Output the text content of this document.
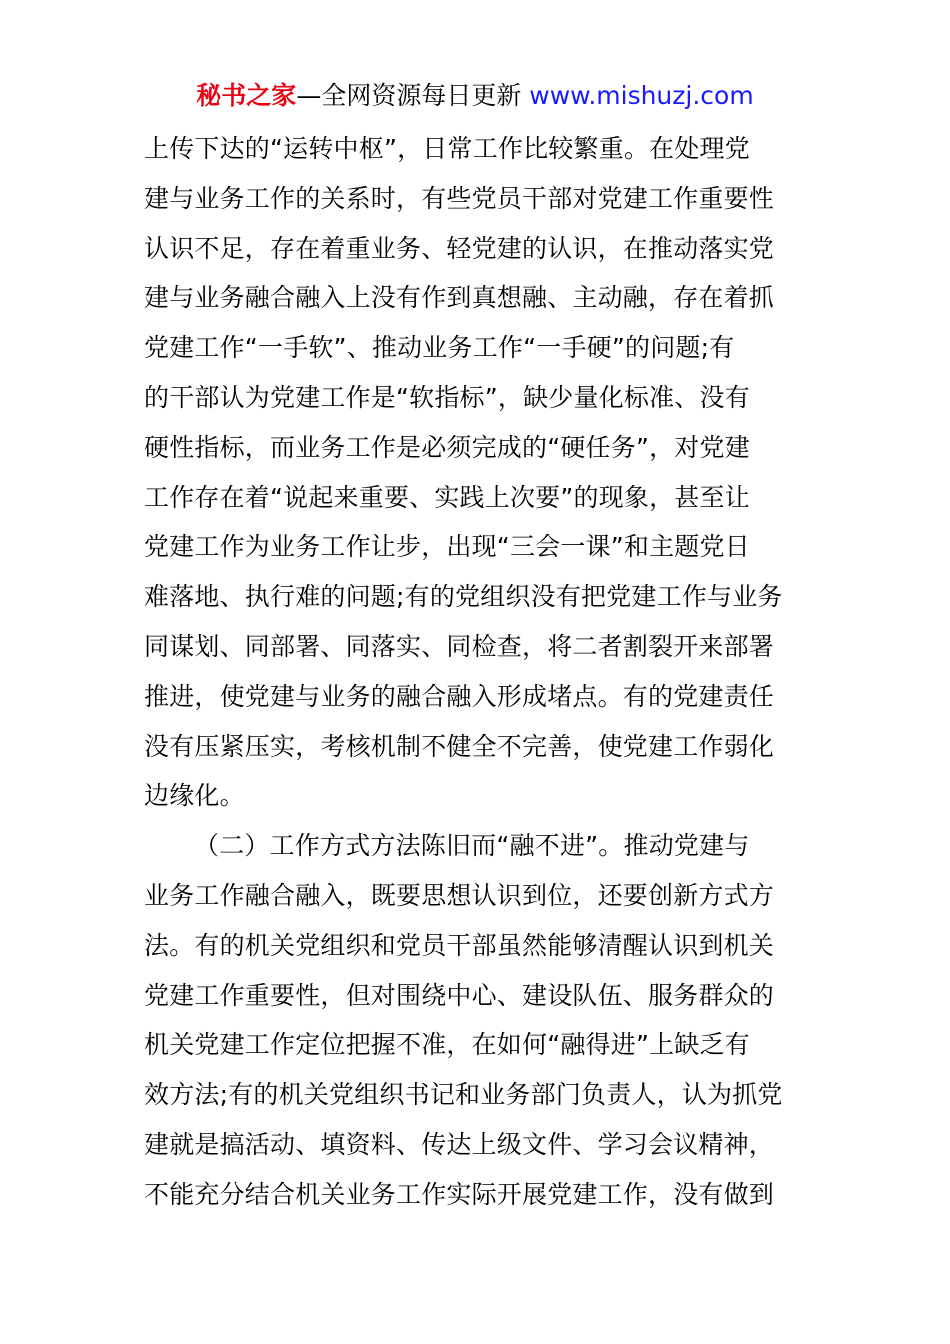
秘书之家—全网资源每日更新 www.mishuzj.com
上传下达的“运转中枢”，日常工作比较繁重。在处理党
建与业务工作的关系时，有些党员干部对党建工作重要性
认识不足，存在着重业务、轻党建的认识，在推动落实党
建与业务融合融入上没有作到真想融、主动融，存在着抓
党建工作“一手软”、推动业务工作“一手硬”的问题;有
的干部认为党建工作是“软指标”，缺少量化标准、没有
硬性指标，而业务工作是必须完成的“硬任务”，对党建
工作存在着“说起来重要、实践上次要”的现象，甚至让
党建工作为业务工作让步，出现“三会一课”和主题党日
难落地、执行难的问题;有的党组织没有把党建工作与业务
同谋划、同部署、同落实、同检查，将二者割裂开来部署
推进，使党建与业务的融合融入形成堵点。有的党建责任
没有压紧压实，考核机制不健全不完善，使党建工作弱化
边缘化。
（二）工作方式方法陈旧而“融不进”。推动党建与
业务工作融合融入，既要思想认识到位，还要创新方式方
法。有的机关党组织和党员干部虽然能够清醒认识到机关
党建工作重要性，但对围绕中心、建设队伍、服务群众的
机关党建工作定位把握不准，在如何“融得进”上缺乏有
效方法;有的机关党组织书记和业务部门负责人，认为抓党
建就是搞活动、填资料、传达上级文件、学习会议精神，
不能充分结合机关业务工作实际开展党建工作，没有做到
